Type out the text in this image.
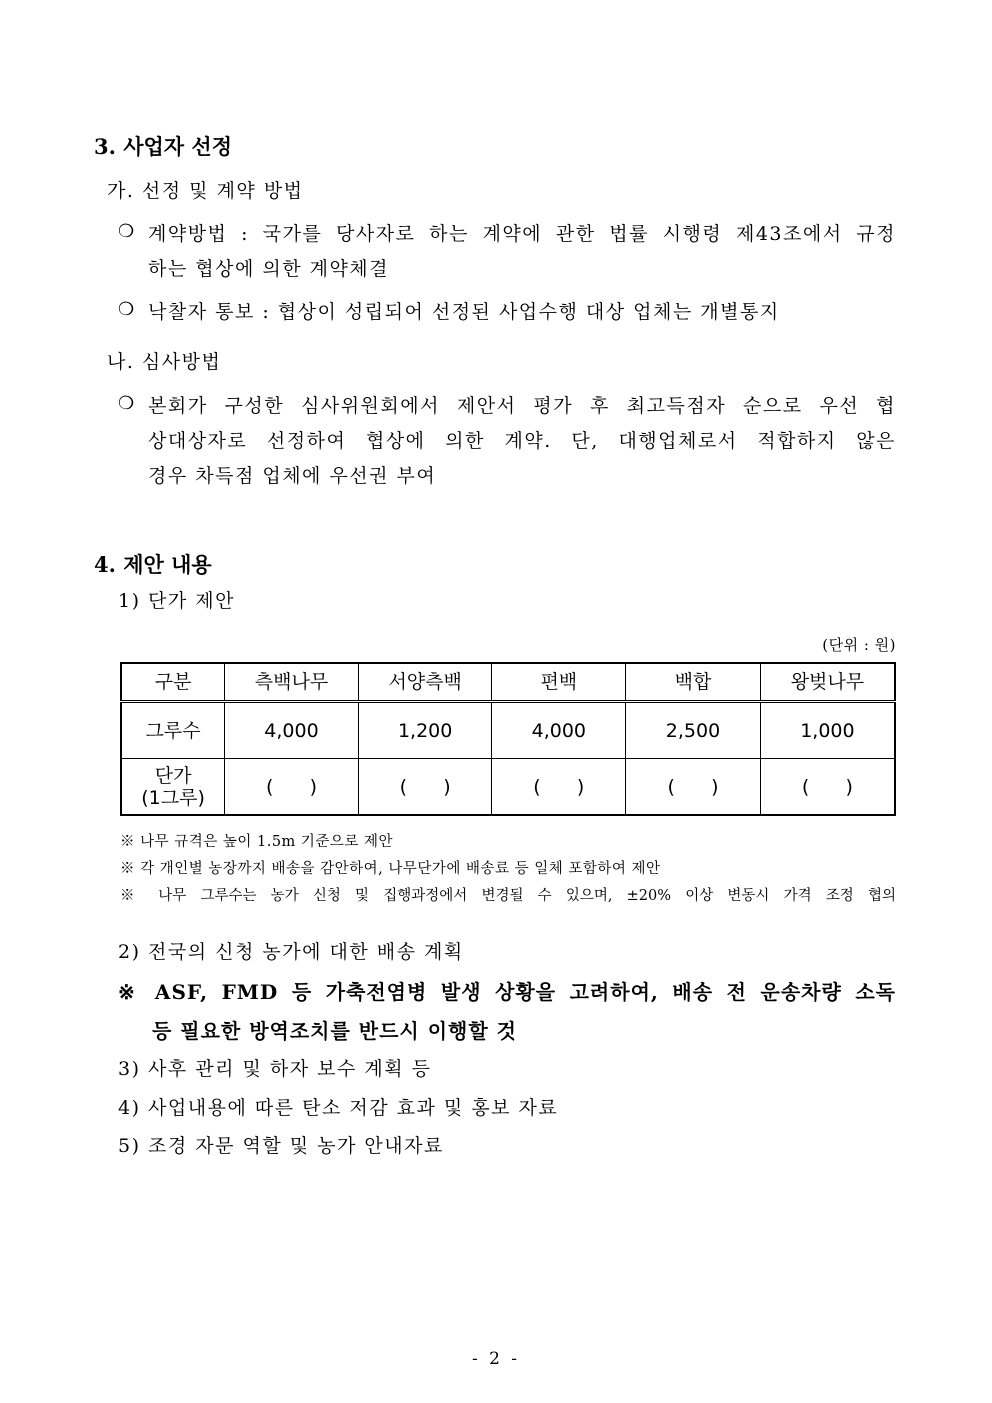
3. 사업자 선정
가. 선정 및 계약 방법
❍ 계약방법 : 국가를 당사자로 하는 계약에 관한 법률 시행령 제43조에서 규정
하는 협상에 의한 계약체결
❍ 낙찰자 통보 : 협상이 성립되어 선정된 사업수행 대상 업체는 개별통지
나. 심사방법
❍ 본회가 구성한 심사위원회에서 제안서 평가 후 최고득점자 순으로 우선 협
상대상자로 선정하여 협상에 의한 계약. 단, 대행업체로서 적합하지 않은
경우 차득점 업체에 우선권 부여
4. 제안 내용
1) 단가 제안
(단위 : 원)
구분	측백나무	서양측백	편백	백합	왕벚나무
그루수	4,000	1,200	4,000	2,500	1,000

단가
(1그루)	(      )	(      )	(      )	(      )	(      )
※ 나무 규격은 높이 1.5m 기준으로 제안
※ 각 개인별 농장까지 배송을 감안하여, 나무단가에 배송료 등 일체 포함하여 제안
※ 나무 그루수는 농가 신청 및 집행과정에서 변경될 수 있으며, ±20% 이상 변동시 가격 조정 협의
2) 전국의 신청 농가에 대한 배송 계획
※ ASF, FMD 등 가축전염병 발생 상황을 고려하여, 배송 전 운송차량 소독
등 필요한 방역조치를 반드시 이행할 것
3) 사후 관리 및 하자 보수 계획 등
4) 사업내용에 따른 탄소 저감 효과 및 홍보 자료
5) 조경 자문 역할 및 농가 안내자료
- 2 -
